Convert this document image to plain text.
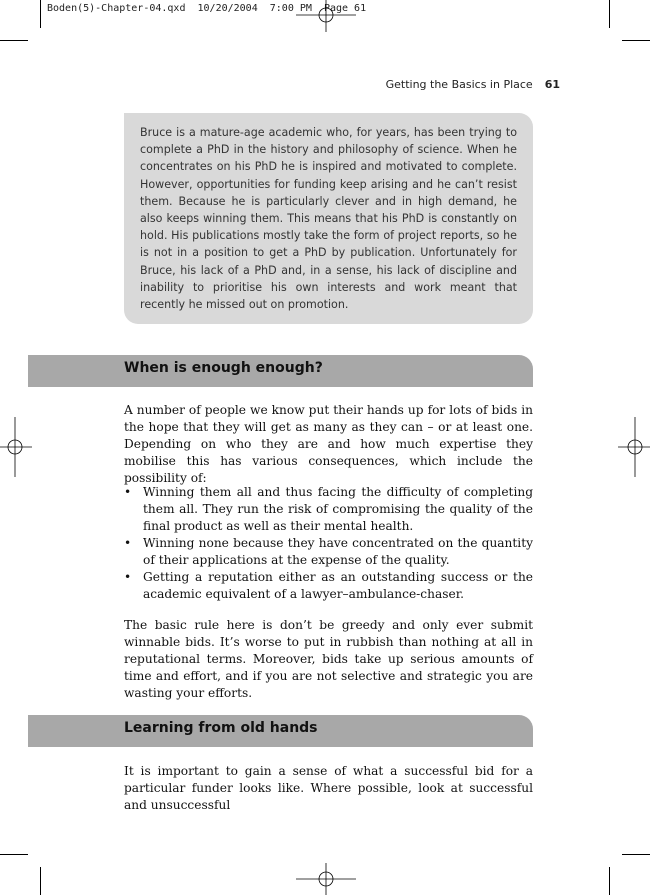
Boden(5)-Chapter-04.qxd  10/20/2004  7:00 PM  Page 61
Getting the Basics in Place 61
Bruce is a mature-age academic who, for years, has been trying to complete a PhD in the history and philosophy of science. When he concentrates on his PhD he is inspired and motivated to complete. However, opportunities for funding keep arising and he can’t resist them. Because he is particularly clever and in high demand, he also keeps winning them. This means that his PhD is constantly on hold. His publications mostly take the form of project reports, so he is not in a position to get a PhD by publication. Unfortunately for Bruce, his lack of a PhD and, in a sense, his lack of discipline and inability to prioritise his own interests and work meant that recently he missed out on promotion.
When is enough enough?

A number of people we know put their hands up for lots of bids in the hope that they will get as many as they can – or at least one. Depending on who they are and how much expertise they mobilise this has various consequences, which include the possibility of:

• Winning them all and thus facing the difficulty of completing them all. They run the risk of compromising the quality of the final product as well as their mental health.
• Winning none because they have concentrated on the quantity of their applications at the expense of the quality.
• Getting a reputation either as an outstanding success or the academic equivalent of a lawyer–ambulance-chaser.

The basic rule here is don’t be greedy and only ever submit winnable bids. It’s worse to put in rubbish than nothing at all in reputational terms. Moreover, bids take up serious amounts of time and effort, and if you are not selective and strategic you are wasting your efforts.

Learning from old hands

It is important to gain a sense of what a successful bid for a particular funder looks like. Where possible, look at successful and unsuccessful
